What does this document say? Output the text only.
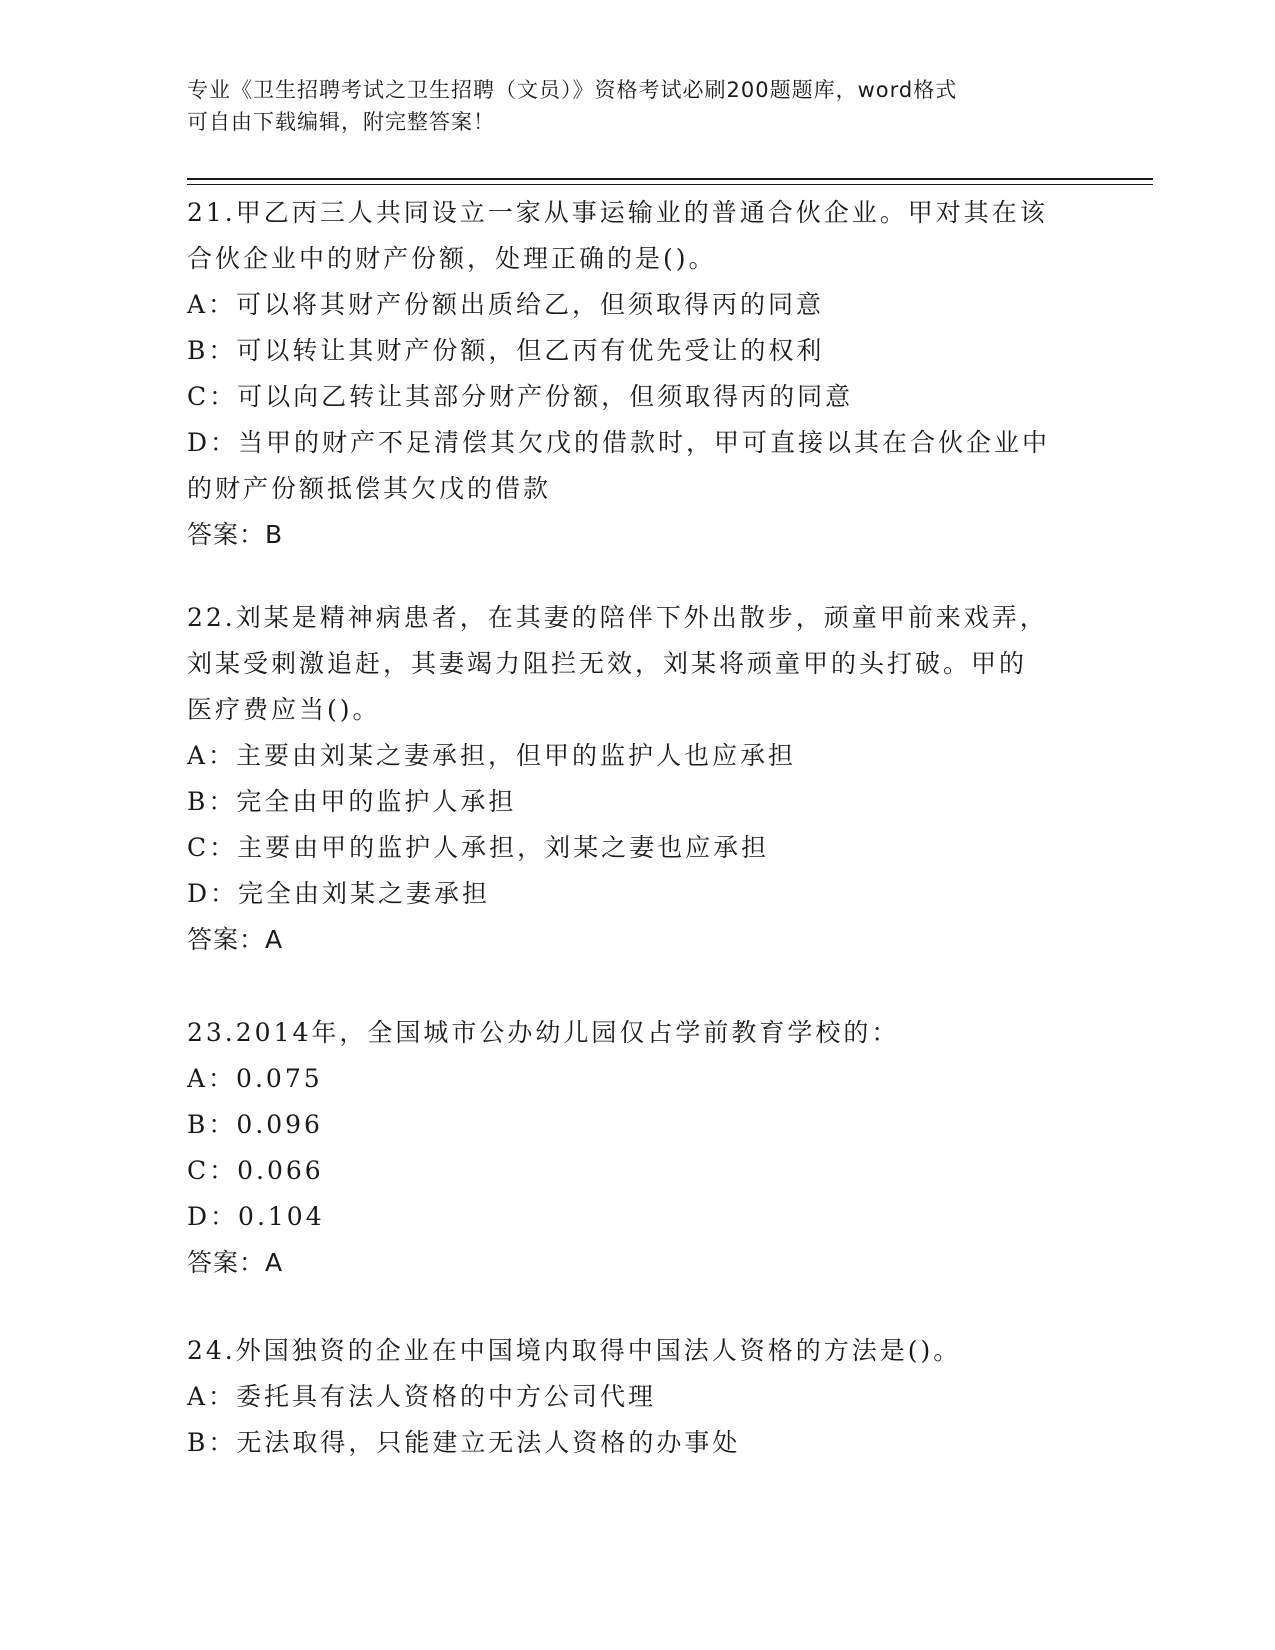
专业《卫生招聘考试之卫生招聘（文员）》资格考试必刷200题题库，word格式
可自由下载编辑，附完整答案！
21.甲乙丙三人共同设立一家从事运输业的普通合伙企业。甲对其在该
合伙企业中的财产份额，处理正确的是()。
A：可以将其财产份额出质给乙，但须取得丙的同意
B：可以转让其财产份额，但乙丙有优先受让的权利
C：可以向乙转让其部分财产份额，但须取得丙的同意
D：当甲的财产不足清偿其欠戊的借款时，甲可直接以其在合伙企业中
的财产份额抵偿其欠戊的借款
答案：B
22.刘某是精神病患者，在其妻的陪伴下外出散步，顽童甲前来戏弄，
刘某受刺激追赶，其妻竭力阻拦无效，刘某将顽童甲的头打破。甲的
医疗费应当()。
A：主要由刘某之妻承担，但甲的监护人也应承担
B：完全由甲的监护人承担
C：主要由甲的监护人承担，刘某之妻也应承担
D：完全由刘某之妻承担
答案：A
23.2014年，全国城市公办幼儿园仅占学前教育学校的：
A：0.075
B：0.096
C：0.066
D：0.104
答案：A
24.外国独资的企业在中国境内取得中国法人资格的方法是()。
A：委托具有法人资格的中方公司代理
B：无法取得，只能建立无法人资格的办事处
